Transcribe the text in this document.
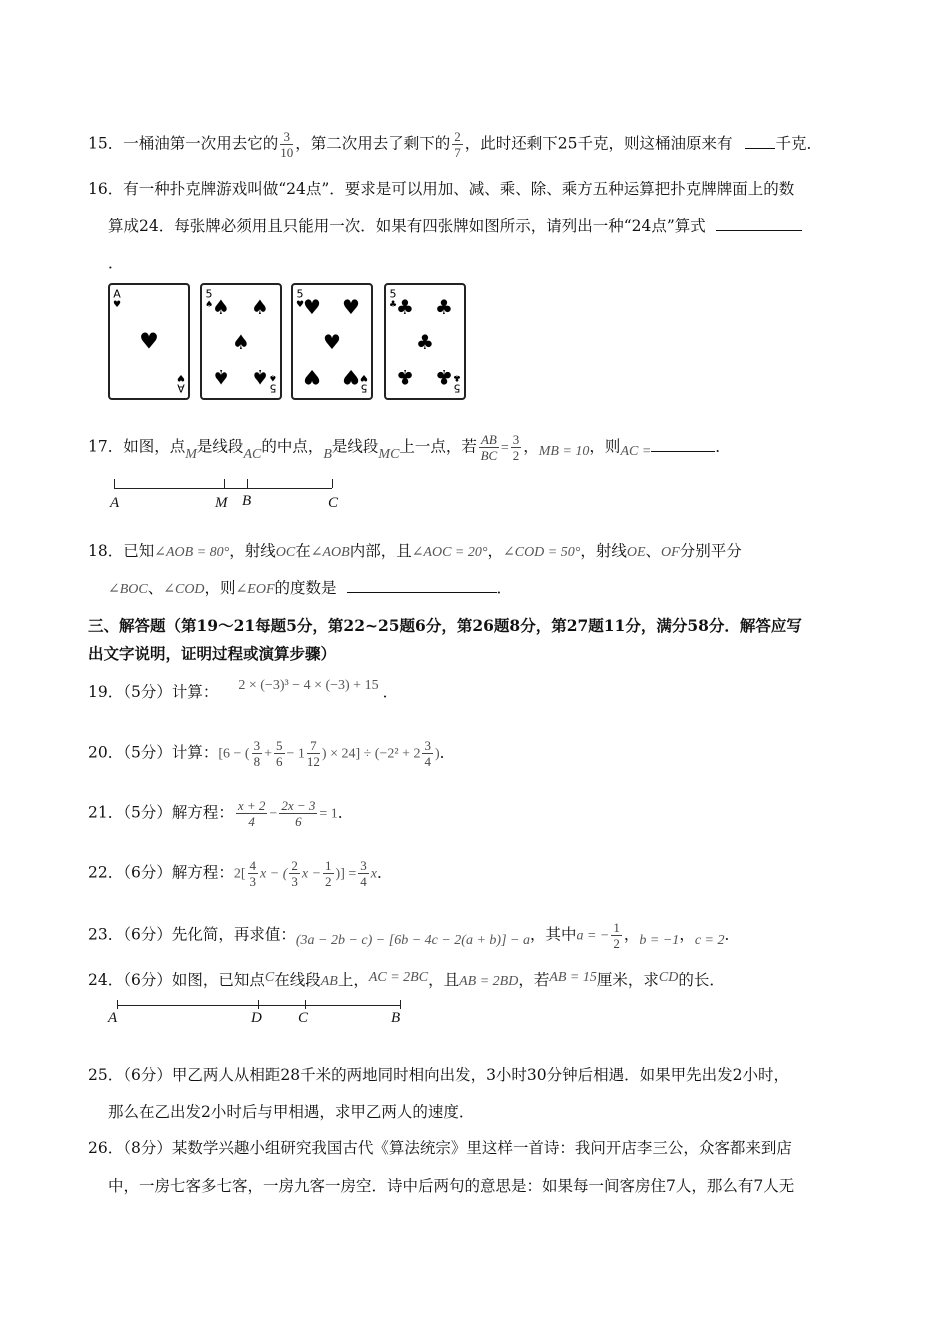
15．一桶油第一次用去它的 $\frac{3}{10}$ ，第二次用去了剩下的 $\frac{2}{7}$ ，此时还剩下25千克，则这桶油原来有	千克．
16．有一种扑克牌游戏叫做“24点”．要求是可以用加、减、乘、除、乘方五种运算把扑克牌牌面上的数
算成24．每张牌必须用且只能用一次．如果有四张牌如图所示，请列出一种“24点”算式
．
A
♥
A
♥
♥
5
♠
5
♠
♠ ♠
♠
♠ ♠
5
♥
5
♥
♥ ♥
♥
♥ ♥
5
♣
5
♣
♣ ♣
♣
♣ ♣
17．如图，点M是线段AC的中点，B是线段MC上一点，若 $\frac{AB}{BC} = \frac{3}{2}$ ，MB = 10，则AC =	．
A	M B	C
18．已知∠AOB = 80°，射线OC在∠AOB内部，且∠AOC = 20°，∠COD = 50°，射线OE、OF分别平分
∠BOC、∠COD，则∠EOF的度数是	．
三、解答题（第19～21每题5分，第22~25题6分，第26题8分，第27题11分，满分58分．解答应写
出文字说明，证明过程或演算步骤）
19．（5分）计算： 2 × (−3)³ − 4 × (−3) + 15 ．
20．（5分）计算：[6 − ( $\frac{3}{8} + \frac{5}{6} - 1 \frac{7}{12}$ ) × $24] \div (-2^2 + 2 \frac{3}{4}$ )．
21．（5分）解方程： $\frac{x + 2}{4} - \frac{2x - 3}{6} = 1$．
22．（6分）解方程：$2[ \frac{4}{3}$ x − ( $\frac{2}{3}$ $x - \frac{1}{2}$ )] = $\frac{3}{4}$ x．
23．（6分）先化简，再求值：(3a − 2b − c) − [6b − 4c − 2(a + b)] − a，其中a = − $\frac{1}{2}$ ，b = −1，c = 2．
24．（6分）如图，已知点C在线段AB上，AC = 2BC，且AB = 2BD，若AB = 15厘米，求CD的长．
A	D C	B
25．（6分）甲乙两人从相距28千米的两地同时相向出发，3小时30分钟后相遇．如果甲先出发2小时，
那么在乙出发2小时后与甲相遇，求甲乙两人的速度．
26．（8分）某数学兴趣小组研究我国古代《算法统宗》里这样一首诗：我问开店李三公，众客都来到店
中，一房七客多七客，一房九客一房空．诗中后两句的意思是：如果每一间客房住7人，那么有7人无
